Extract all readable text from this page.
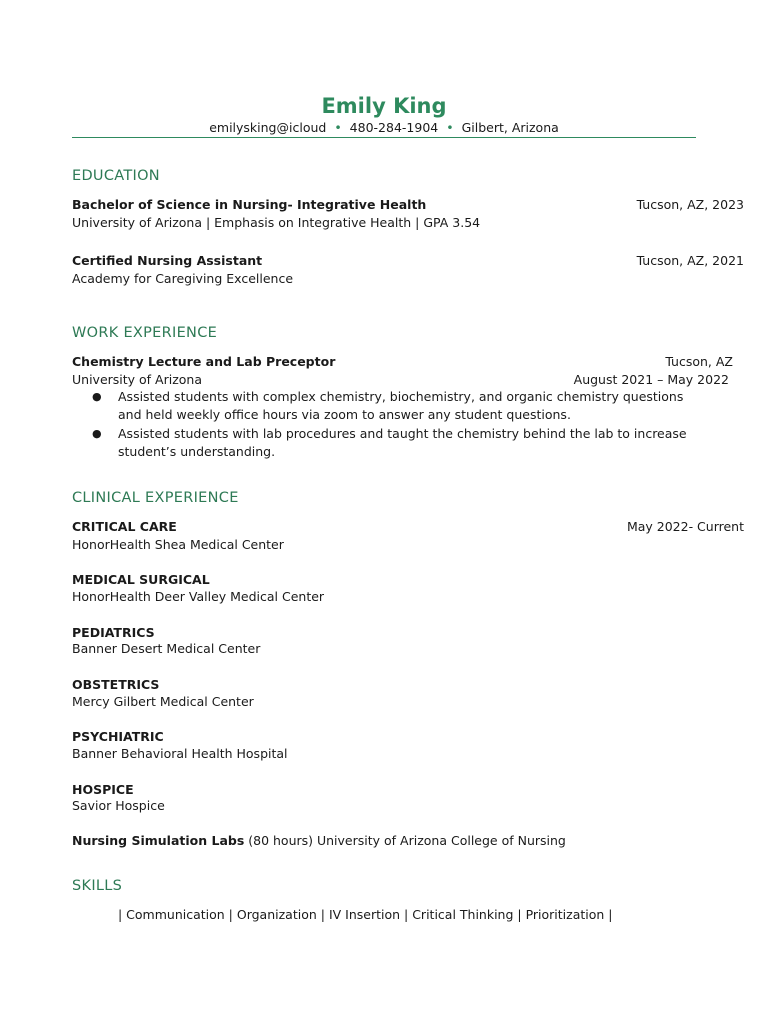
Emily King
emilysking@icloud • 480-284-1904 • Gilbert, Arizona
EDUCATION
Bachelor of Science in Nursing- Integrative Health	Tucson, AZ, 2023
University of Arizona | Emphasis on Integrative Health | GPA 3.54
Certified Nursing Assistant	Tucson, AZ, 2021
Academy for Caregiving Excellence
WORK EXPERIENCE
Chemistry Lecture and Lab Preceptor	Tucson, AZ
University of Arizona	August 2021 – May 2022
● Assisted students with complex chemistry, biochemistry, and organic chemistry questions
and held weekly office hours via zoom to answer any student questions.
● Assisted students with lab procedures and taught the chemistry behind the lab to increase
student’s understanding.
CLINICAL EXPERIENCE
CRITICAL CARE	May 2022- Current
HonorHealth Shea Medical Center
MEDICAL SURGICAL
HonorHealth Deer Valley Medical Center
PEDIATRICS
Banner Desert Medical Center
OBSTETRICS
Mercy Gilbert Medical Center
PSYCHIATRIC
Banner Behavioral Health Hospital
HOSPICE
Savior Hospice
Nursing Simulation Labs (80 hours) University of Arizona College of Nursing
SKILLS
| Communication | Organization | IV Insertion | Critical Thinking | Prioritization |
